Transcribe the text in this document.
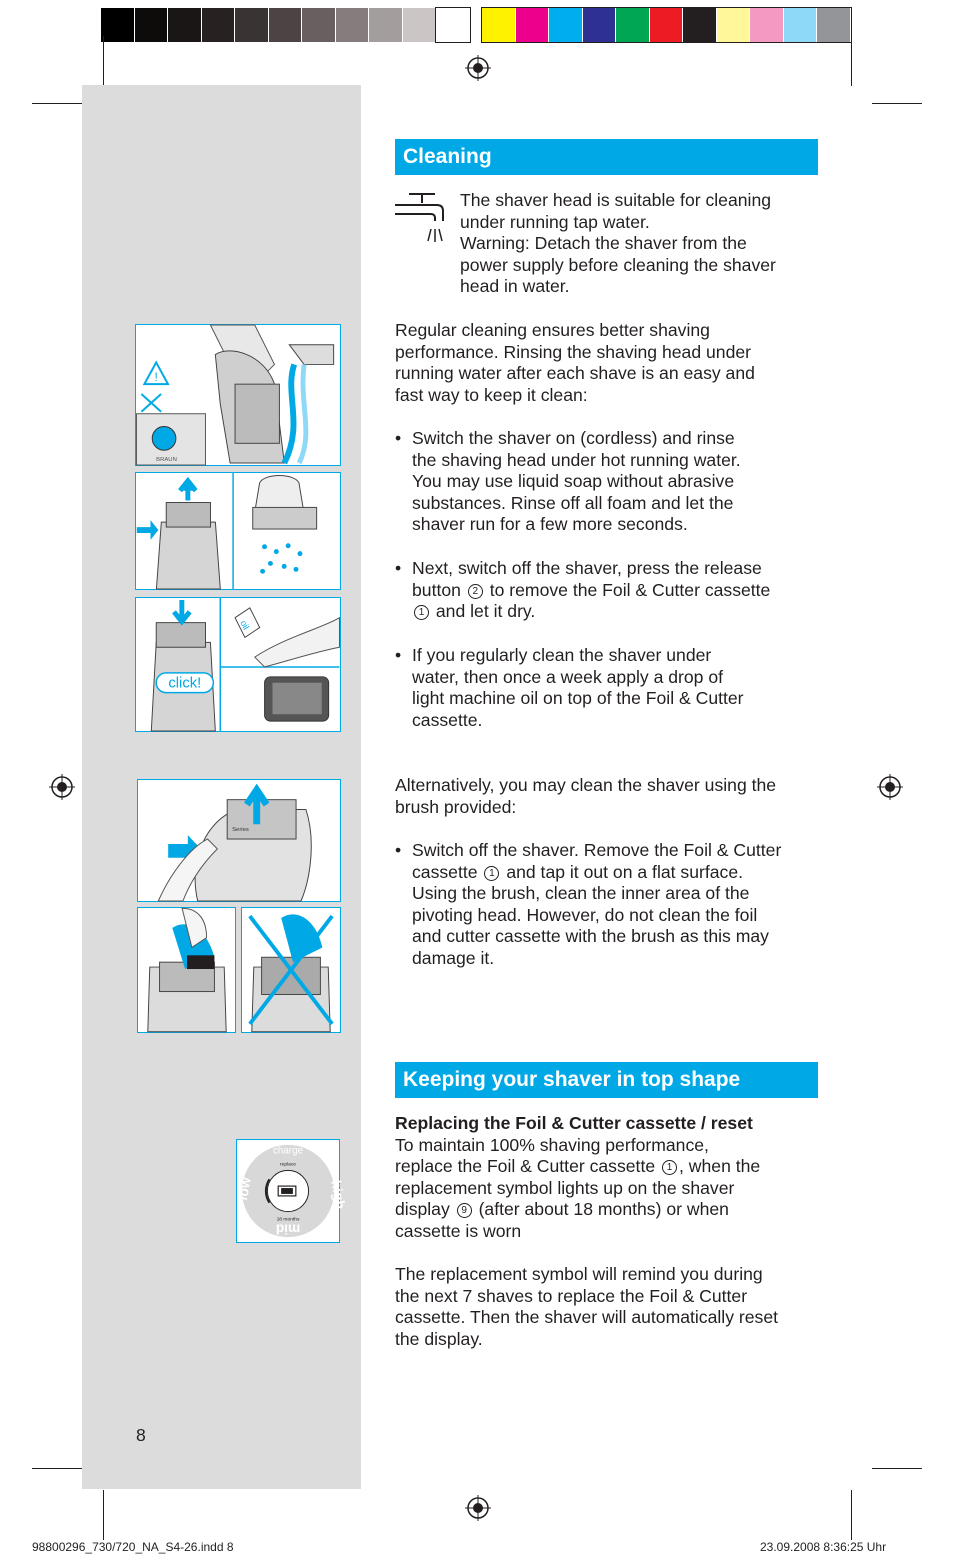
!
BRAUN
click!
oil
Series
replace
18 months
charge
low	high
mid
Cleaning
The shaver head is suitable for cleaning
under running tap water.
Warning: Detach the shaver from the
power supply before cleaning the shaver
head in water.
Regular cleaning ensures better shaving
performance. Rinsing the shaving head under
running water after each shave is an easy and
fast way to keep it clean:
• Switch the shaver on (cordless) and rinse
the shaving head under hot running water.
You may use liquid soap without abrasive
substances. Rinse off all foam and let the
shaver run for a few more seconds.
• Next, switch off the shaver, press the release
button 2 to remove the Foil & Cutter cassette
1 and let it dry.
• If you regularly clean the shaver under
water, then once a week apply a drop of
light machine oil on top of the Foil & Cutter
cassette.
Alternatively, you may clean the shaver using the
brush provided:
• Switch off the shaver. Remove the Foil & Cutter
cassette 1 and tap it out on a flat surface.
Using the brush, clean the inner area of the
pivoting head. However, do not clean the foil
and cutter cassette with the brush as this may
damage it.
Keeping your shaver in top shape
Replacing the Foil & Cutter cassette / reset
To maintain 100% shaving performance,
replace the Foil & Cutter cassette 1 , when the
replacement symbol lights up on the shaver
display 9 (after about 18 months) or when
cassette is worn
The replacement symbol will remind you during
the next 7 shaves to replace the Foil & Cutter
cassette. Then the shaver will automatically reset
the display.
8
98800296_730/720_NA_S4-26.indd 8	23.09.2008 8:36:25 Uhr
